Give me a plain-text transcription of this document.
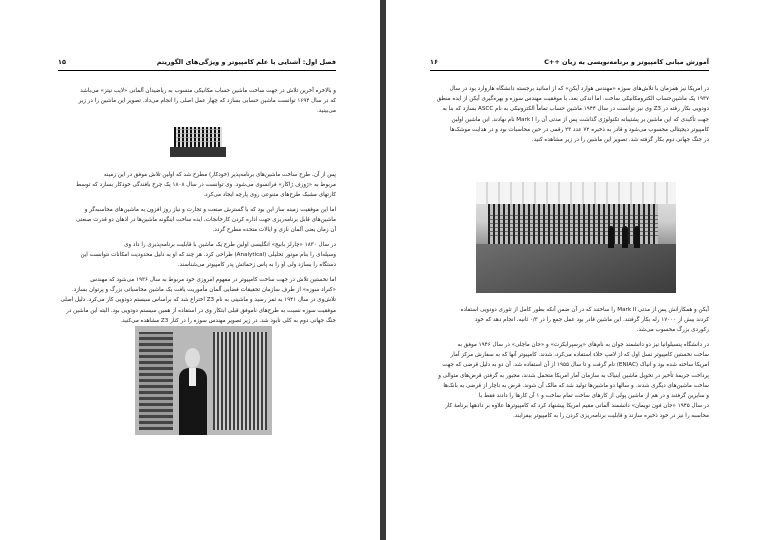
فصل اول: آشنایی با علم کامپیوتر و ویژگی‌های الگوریتم
۱۵
و بالاخره آخرین تلاش در جهت ساخت ماشین حساب مکانیکی منسوب به ریاضیدان آلمانی «لایب نیتز» می‌باشد
که در سال ۱۶۹۴ توانست ماشین حسابی بسازد که چهار عمل اصلی را انجام می‌داد. تصویر این ماشین را در زیر
می‌بینید.
پس از آن، طرح ساخت ماشین‌های برنامه‌پذیر (خودکار) مطرح شد که اولین تلاش موفق در این زمینه
مربوط به «ژوزف ژاکار» فرانسوی می‌شود. وی توانست در سال ۱۸۰۸ یک چرخ بافندگی خودکار بسازد که توسط
کارتهای مشبک طرح‌های متنوعی روی پارچه ایجاد می‌کرد.
اما این موفقیت زمینه ساز این بود که با گسترش صنعت و تجارت و نیاز روز افزون به ماشین‌های محاسبه‌گر و
ماشین‌های قابل برنامه‌ریزی جهت اداره کردن کارخانجات، ایده ساخت اینگونه ماشین‌ها در اذهان دو قدرت صنعتی
آن زمان یعنی آلمان نازی و ایالات متحده مطرح گردد.
در سال ۱۸۳۰ «چارلز بابیج» انگلیسی اولین طرح یک ماشین با قابلیت برنامه‌پذیری را داد وی
وسیله‌ای را بنام موتور تحلیلی (Analytical) طراحی کرد. هر چند که او به دلیل محدودیت امکانات نتوانست این
دستگاه را بسازد ولی او را به پاس زحماتش پدر کامپیوتر می‌شناسند.
اما نخستین تلاش در جهت ساخت کامپیوتر در مفهوم امروزی خود مربوط به سال ۱۹۳۶ می‌شود که مهندس
«کنراد سوزه» از طرف سازمان تحقیقات فضایی آلمان مأموریت یافت یک ماشین محاسباتی بزرگ و پرتوان بسازد.
تلاش‌وی در سال ۱۹۴۱ به ثمر رسید و ماشینی به نام Z3 اختراع شد که براساس سیستم دودویی کار می‌کرد. دلیل اصلی
موفقیت سوزه نسبت به طرح‌های ناموفق قبلی ابتکار وی در استفاده از همین سیستم دودویی بود. البته این ماشین در
جنگ جهانی دوم به کلی نابود شد. در زیر تصویر مهندس سوزه را در کنار Z3 مشاهده می‌کنید.
آموزش مبانی کامپیوتر و برنامه‌نویسی به زبان ++C
۱۶
در امریکا نیز همزمان با تلاش‌های سوزه «مهندس هوارد آیکن» که از اساتید برجسته دانشگاه هاروارد بود در سال
۱۹۳۷ یک ماشین‌حساب الکترومکانیکی ساخت. اما اندکی بعد، با موفقیت مهندس سوزه و بهره‌گیری آیکن از ایده منطق
دودویی بکار رفته در Z3 وی نیز توانست در سال ۱۹۴۴ ماشین حساب تماماً الکترونیکی به نام ASCC بسازد که بنا به
جهت تأکیدی که این ماشین بر پشتیبانه تکنولوژی گذاشت پس از مدتی آن را Mark I نام نهادند. این ماشین اولین
کامپیوتر دیجیتالی محسوب می‌شود و قادر به ذخیره ۷۲ عدد ۲۳ رقمی در حین محاسبات بود و در هدایت موشک‌ها
در جنگ جهانی دوم بکار گرفته شد. تصویر این ماشین را در زیر مشاهده کنید.
آیکن و همکارانش پس از مدتی Mark II را ساختند که در آن ضمن آنکه بطور کامل از تئوری دودویی استفاده
کردند بیش از ۱۷۰۰۰ رله بکار گرفتند. این ماشین قادر بود عمل جمع را در ۰/۳ ثانیه، انجام دهد که خود
رکوردی بزرگ محسوب می‌شد.
در دانشگاه پنسیلوانیا نیز دو دانشمند جوان به نام‌های «پرسپرایکرت» و «جان ماچلی» در سال ۱۹۴۶ موفق به
ساخت نخستین کامپیوتر نسل اول که از لامپ خلاء استفاده می‌کرد، شدند. کامپیوتر آنها که به سفارش مرکز آمار
امریکا ساخته شده بود و انیاک (ENIAC) نام گرفت و تا سال ۱۹۵۵ از آن استفاده شد. آن دو به دلیل قرضی که جهت
پرداخت جریمهٔ تأخیر در تحویل ماشین اینیاک به سازمان آمار امریکا متحمل شدند، مجبور به گرفتن قرض‌های متوالی و
ساخت ماشین‌های دیگری شدند. و سالها دو ماشین‌ها تولید شد که مالک آن شوند. قرض به ناچار از قرضی به بانک‌ها
و سایرین گرفتند و در هم از ماشین پولی از کارهای ساخت تمام ساخت و ۱ آن کارها را دادند فقط با
در سال ۱۹۴۵ «جان فون نویمان» دانشمند آلمانی مقیم امریکا پیشنهاد کرد که کامپیوترها علاوه بر دادهها برنامهٔ کار
محاسبه را نیز در خود ذخیره سازند و قابلیت برنامه‌ریزی کردن را به کامپیوتر بیفزایند.
